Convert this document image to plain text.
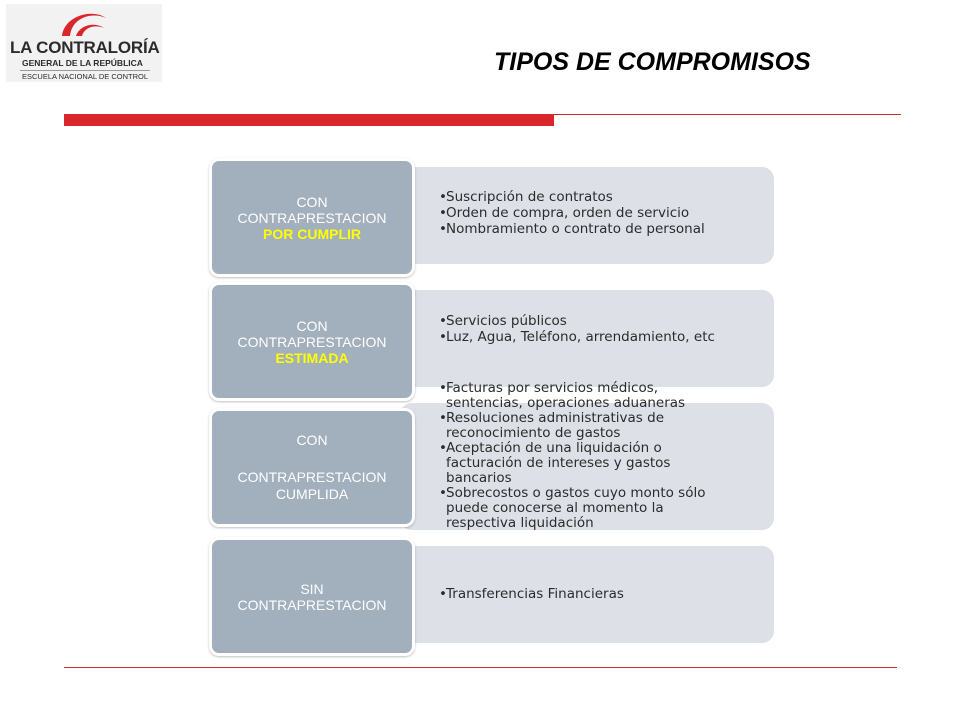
LA CONTRALORÍA
GENERAL DE LA REPÚBLICA
ESCUELA NACIONAL DE CONTROL
TIPOS DE COMPROMISOS
CON
CONTRAPRESTACION
POR CUMPLIR
• Suscripción de contratos
• Orden de compra, orden de servicio
• Nombramiento o contrato de personal
CON
CONTRAPRESTACION
ESTIMADA
• Servicios públicos
• Luz, Agua, Teléfono, arrendamiento, etc
CON
CONTRAPRESTACION
CUMPLIDA
• Facturas por servicios médicos, sentencias, operaciones aduaneras
• Resoluciones administrativas de reconocimiento de gastos
• Aceptación de una liquidación o facturación de intereses y gastos bancarios
• Sobrecostos o gastos cuyo monto sólo puede conocerse al momento la respectiva liquidación
SIN
CONTRAPRESTACION
• Transferencias Financieras
